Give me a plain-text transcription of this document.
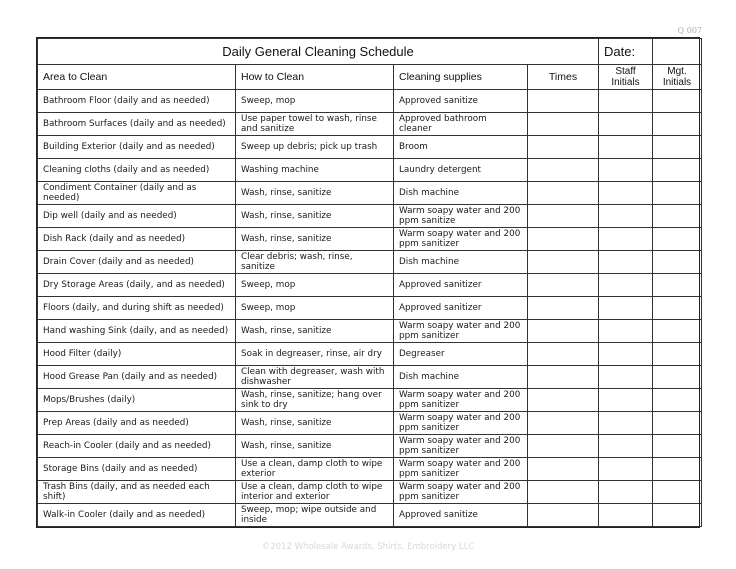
Q 007
Daily General Cleaning Schedule				Date:	
Area to Clean	How to Clean	Cleaning supplies	Times	Staff Initials	Mgt. Initials
Bathroom Floor (daily and as needed)	Sweep, mop	Approved sanitize			
Bathroom Surfaces (daily and as needed)	Use paper towel to wash, rinse and sanitize	Approved bathroom cleaner			
Building Exterior (daily and as needed)	Sweep up debris; pick up trash	Broom			
Cleaning cloths (daily and as needed)	Washing machine	Laundry detergent			
Condiment Container (daily and as needed)	Wash, rinse, sanitize	Dish machine			
Dip well (daily and as needed)	Wash, rinse, sanitize	Warm soapy water and 200 ppm sanitize			
Dish Rack (daily and as needed)	Wash, rinse, sanitize	Warm soapy water and 200 ppm sanitizer			
Drain Cover (daily and as needed)	Clear debris; wash, rinse, sanitize	Dish machine			
Dry Storage Areas (daily, and as needed)	Sweep, mop	Approved sanitizer			
Floors (daily, and during shift as needed)	Sweep, mop	Approved sanitizer			
Hand washing Sink (daily, and as needed)	Wash, rinse, sanitize	Warm soapy water and 200 ppm sanitizer			
Hood Filter (daily)	Soak in degreaser, rinse, air dry	Degreaser			
Hood Grease Pan (daily and as needed)	Clean with degreaser, wash with dishwasher	Dish machine			
Mops/Brushes (daily)	Wash, rinse, sanitize; hang over sink to dry	Warm soapy water and 200 ppm sanitizer			
Prep Areas (daily and as needed)	Wash, rinse, sanitize	Warm soapy water and 200 ppm sanitizer			
Reach-in Cooler (daily and as needed)	Wash, rinse, sanitize	Warm soapy water and 200 ppm sanitizer			
Storage Bins (daily and as needed)	Use a clean, damp cloth to wipe exterior	Warm soapy water and 200 ppm sanitizer			
Trash Bins (daily, and as needed each shift)	Use a clean, damp cloth to wipe interior and exterior	Warm soapy water and 200 ppm sanitizer			
Walk-in Cooler (daily and as needed)	Sweep, mop; wipe outside and inside	Approved sanitize			
©2012 Wholesale Awards, Shirts, Embroidery LLC
